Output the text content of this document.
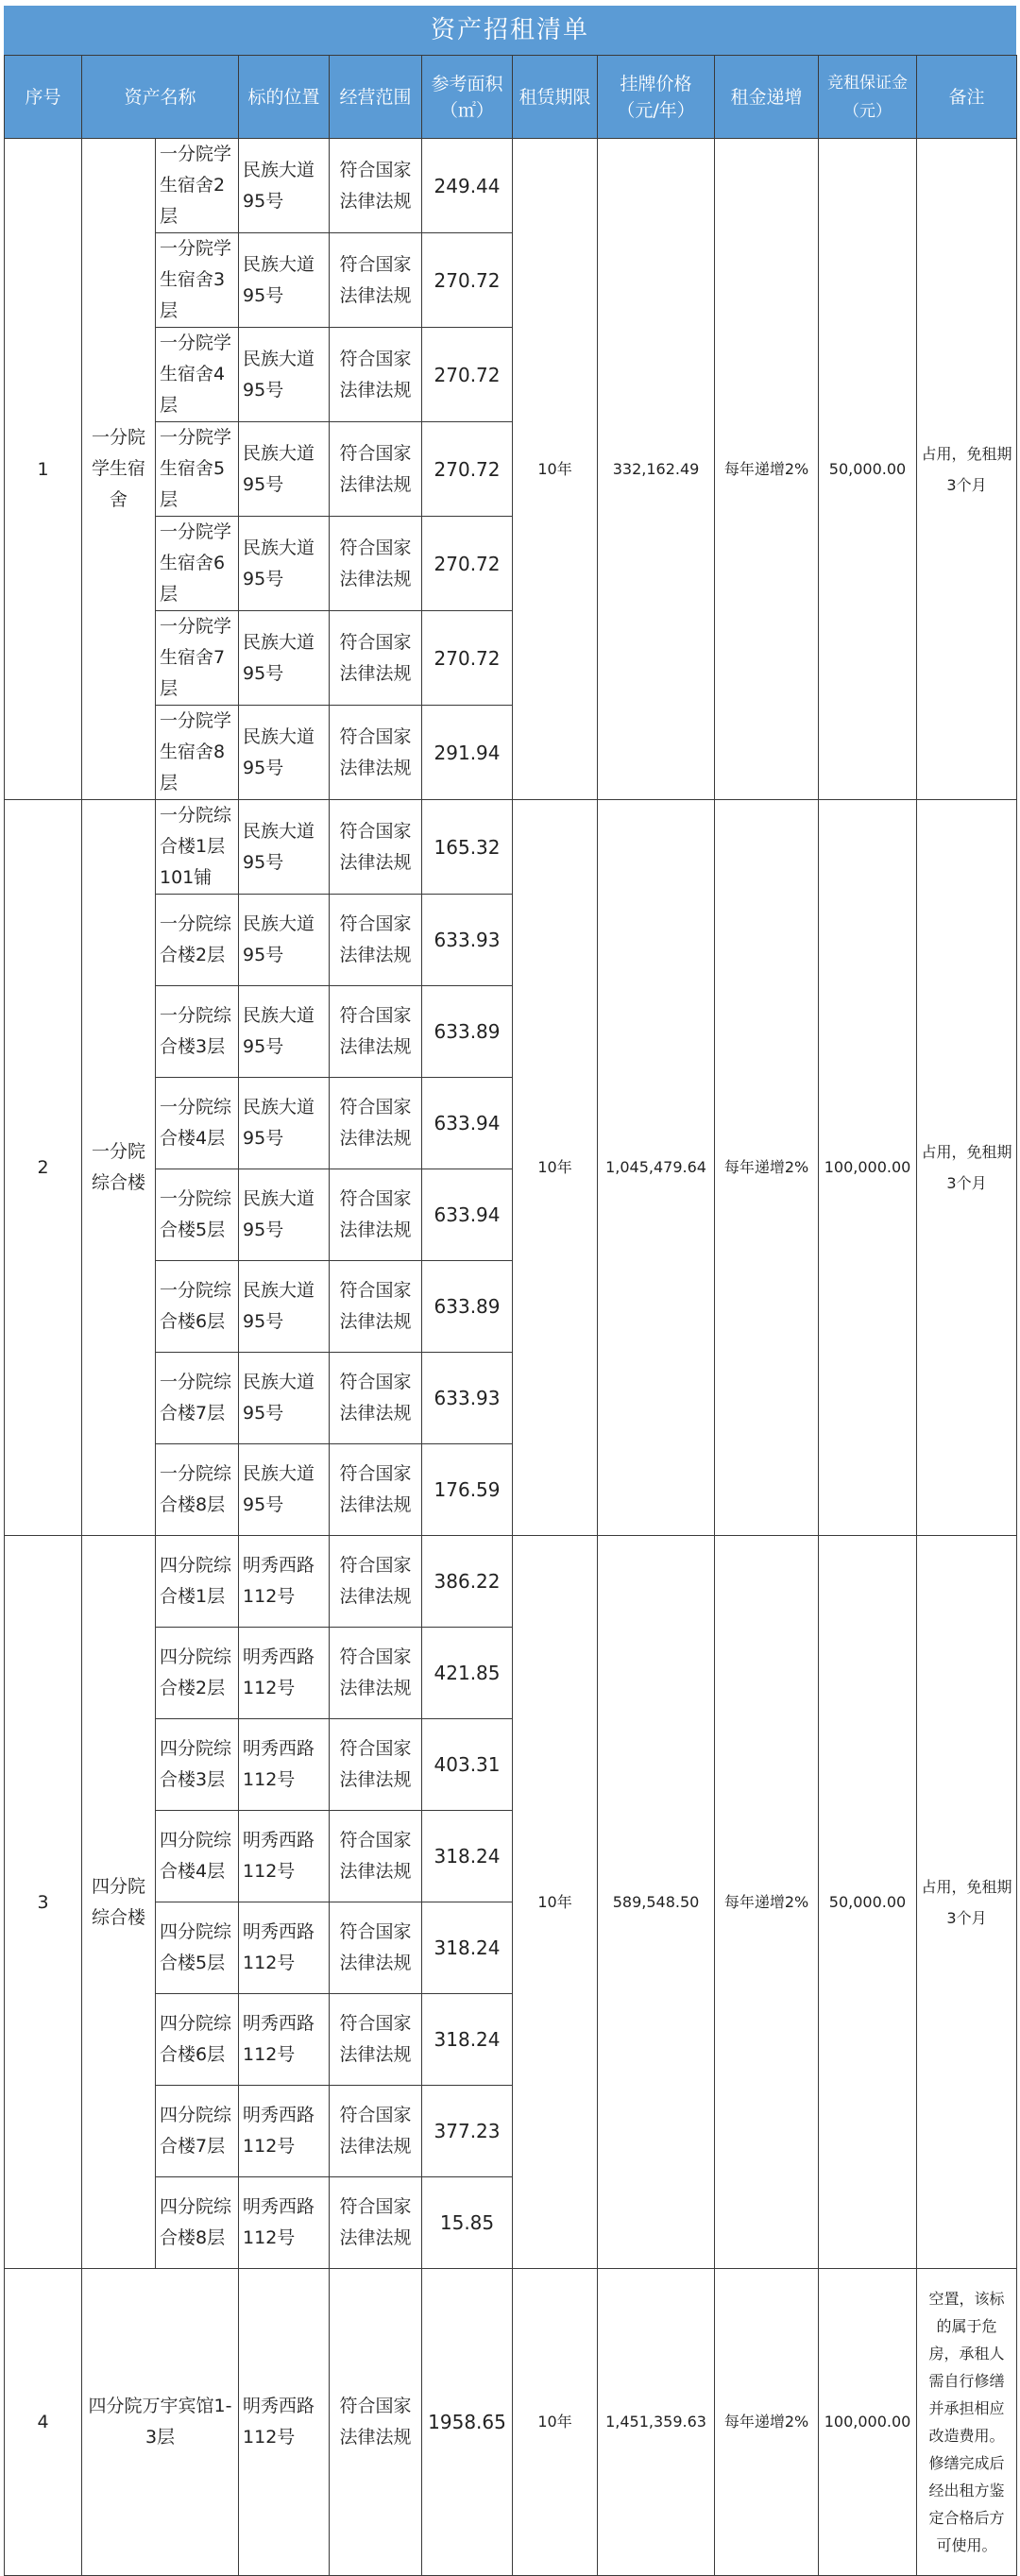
资产招租清单
序号	资产名称		标的位置	经营范围	参考面积（㎡）	租赁期限	挂牌价格（元/年）	租金递增	竞租保证金（元）	备注
1	一分院学生宿舍	一分院学生宿舍2层	民族大道95号	符合国家法律法规	249.44	10年	332,162.49	每年递增2%	50,000.00	占用，免租期3个月
		一分院学生宿舍3层	民族大道95号	符合国家法律法规	270.72					
		一分院学生宿舍4层	民族大道95号	符合国家法律法规	270.72					
		一分院学生宿舍5层	民族大道95号	符合国家法律法规	270.72					
		一分院学生宿舍6层	民族大道95号	符合国家法律法规	270.72					
		一分院学生宿舍7层	民族大道95号	符合国家法律法规	270.72					
		一分院学生宿舍8层	民族大道95号	符合国家法律法规	291.94					
2	一分院综合楼	一分院综合楼1层101铺	民族大道95号	符合国家法律法规	165.32	10年	1,045,479.64	每年递增2%	100,000.00	占用，免租期3个月
		一分院综合楼2层	民族大道95号	符合国家法律法规	633.93					
		一分院综合楼3层	民族大道95号	符合国家法律法规	633.89					
		一分院综合楼4层	民族大道95号	符合国家法律法规	633.94					
		一分院综合楼5层	民族大道95号	符合国家法律法规	633.94					
		一分院综合楼6层	民族大道95号	符合国家法律法规	633.89					
		一分院综合楼7层	民族大道95号	符合国家法律法规	633.93					
		一分院综合楼8层	民族大道95号	符合国家法律法规	176.59					
3	四分院综合楼	四分院综合楼1层	明秀西路112号	符合国家法律法规	386.22	10年	589,548.50	每年递增2%	50,000.00	占用，免租期3个月
		四分院综合楼2层	明秀西路112号	符合国家法律法规	421.85					
		四分院综合楼3层	明秀西路112号	符合国家法律法规	403.31					
		四分院综合楼4层	明秀西路112号	符合国家法律法规	318.24					
		四分院综合楼5层	明秀西路112号	符合国家法律法规	318.24					
		四分院综合楼6层	明秀西路112号	符合国家法律法规	318.24					
		四分院综合楼7层	明秀西路112号	符合国家法律法规	377.23					
		四分院综合楼8层	明秀西路112号	符合国家法律法规	15.85					
4	四分院万宇宾馆1-3层		明秀西路112号	符合国家法律法规	1958.65	10年	1,451,359.63	每年递增2%	100,000.00	空置，该标的属于危房，承租人需自行修缮并承担相应改造费用。修缮完成后经出租方鉴定合格后方可使用。
